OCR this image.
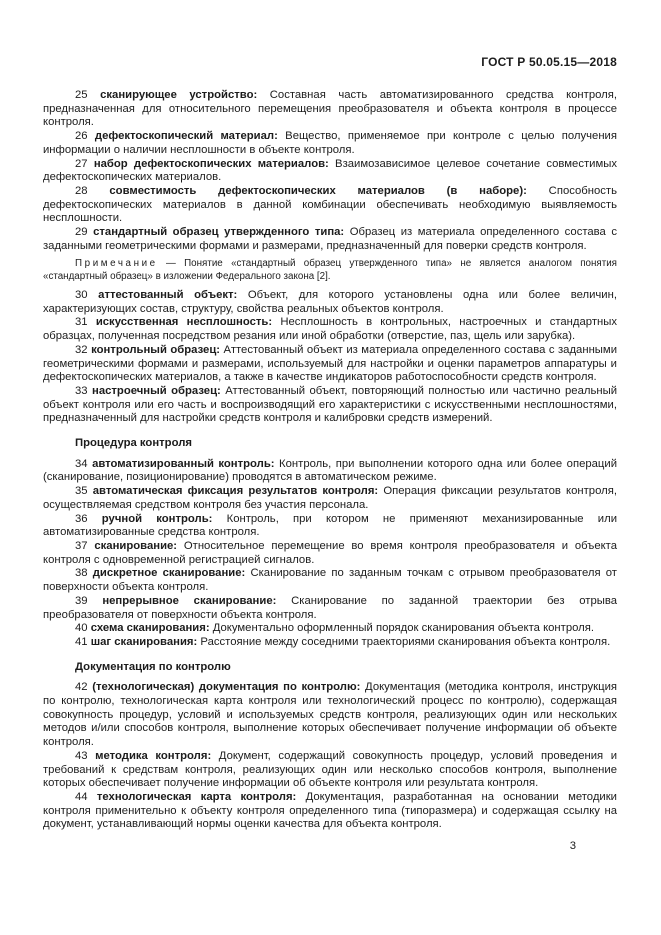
ГОСТ Р 50.05.15—2018

25 сканирующее устройство: Составная часть автоматизированного средства контроля, предназначенная для относительного перемещения преобразователя и объекта контроля в процессе контроля.

26 дефектоскопический материал: Вещество, применяемое при контроле с целью получения информации о наличии несплошности в объекте контроля.

27 набор дефектоскопических материалов: Взаимозависимое целевое сочетание совместимых дефектоскопических материалов.

28 совместимость дефектоскопических материалов (в наборе): Способность дефектоскопических материалов в данной комбинации обеспечивать необходимую выявляемость несплошности.

29 стандартный образец утвержденного типа: Образец из материала определенного состава с заданными геометрическими формами и размерами, предназначенный для поверки средств контроля.

Примечание — Понятие «стандартный образец утвержденного типа» не является аналогом понятия «стандартный образец» в изложении Федерального закона [2].

30 аттестованный объект: Объект, для которого установлены одна или более величин, характеризующих состав, структуру, свойства реальных объектов контроля.

31 искусственная несплошность: Несплошность в контрольных, настроечных и стандартных образцах, полученная посредством резания или иной обработки (отверстие, паз, щель или зарубка).

32 контрольный образец: Аттестованный объект из материала определенного состава с заданными геометрическими формами и размерами, используемый для настройки и оценки параметров аппаратуры и дефектоскопических материалов, а также в качестве индикаторов работоспособности средств контроля.

33 настроечный образец: Аттестованный объект, повторяющий полностью или частично реальный объект контроля или его часть и воспроизводящий его характеристики с искусственными несплошностями, предназначенный для настройки средств контроля и калибровки средств измерений.

Процедура контроля

34 автоматизированный контроль: Контроль, при выполнении которого одна или более операций (сканирование, позиционирование) проводятся в автоматическом режиме.

35 автоматическая фиксация результатов контроля: Операция фиксации результатов контроля, осуществляемая средством контроля без участия персонала.

36 ручной контроль: Контроль, при котором не применяют механизированные или автоматизированные средства контроля.

37 сканирование: Относительное перемещение во время контроля преобразователя и объекта контроля с одновременной регистрацией сигналов.

38 дискретное сканирование: Сканирование по заданным точкам с отрывом преобразователя от поверхности объекта контроля.

39 непрерывное сканирование: Сканирование по заданной траектории без отрыва преобразователя от поверхности объекта контроля.

40 схема сканирования: Документально оформленный порядок сканирования объекта контроля.

41 шаг сканирования: Расстояние между соседними траекториями сканирования объекта контроля.

Документация по контролю

42 (технологическая) документация по контролю: Документация (методика контроля, инструкция по контролю, технологическая карта контроля или технологический процесс по контролю), содержащая совокупность процедур, условий и используемых средств контроля, реализующих один или нескольких методов и/или способов контроля, выполнение которых обеспечивает получение информации об объекте контроля.

43 методика контроля: Документ, содержащий совокупность процедур, условий проведения и требований к средствам контроля, реализующих один или несколько способов контроля, выполнение которых обеспечивает получение информации об объекте контроля или результата контроля.

44 технологическая карта контроля: Документация, разработанная на основании методики контроля применительно к объекту контроля определенного типа (типоразмера) и содержащая ссылку на документ, устанавливающий нормы оценки качества для объекта контроля.

3
